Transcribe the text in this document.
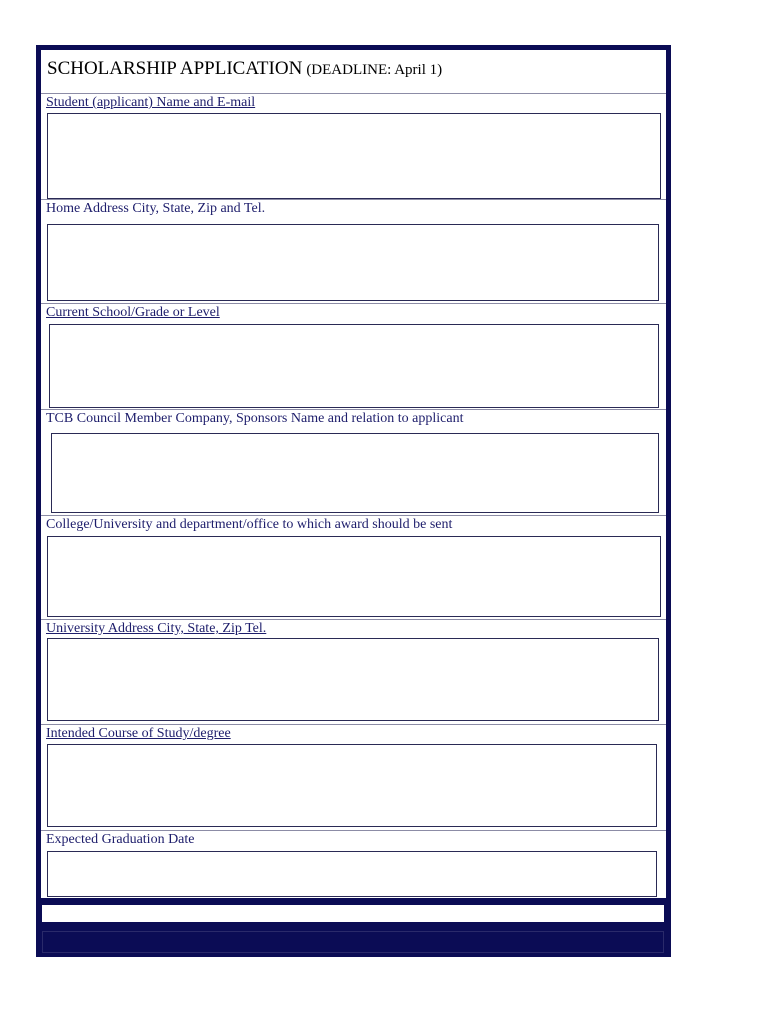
SCHOLARSHIP APPLICATION (DEADLINE: April 1)
Student (applicant) Name and E-mail
Home Address City, State, Zip and Tel.
Current School/Grade or Level
TCB Council Member Company, Sponsors Name and relation to applicant
College/University and department/office to which award should be sent
University Address City, State, Zip Tel.
Intended Course of Study/degree
Expected Graduation Date
